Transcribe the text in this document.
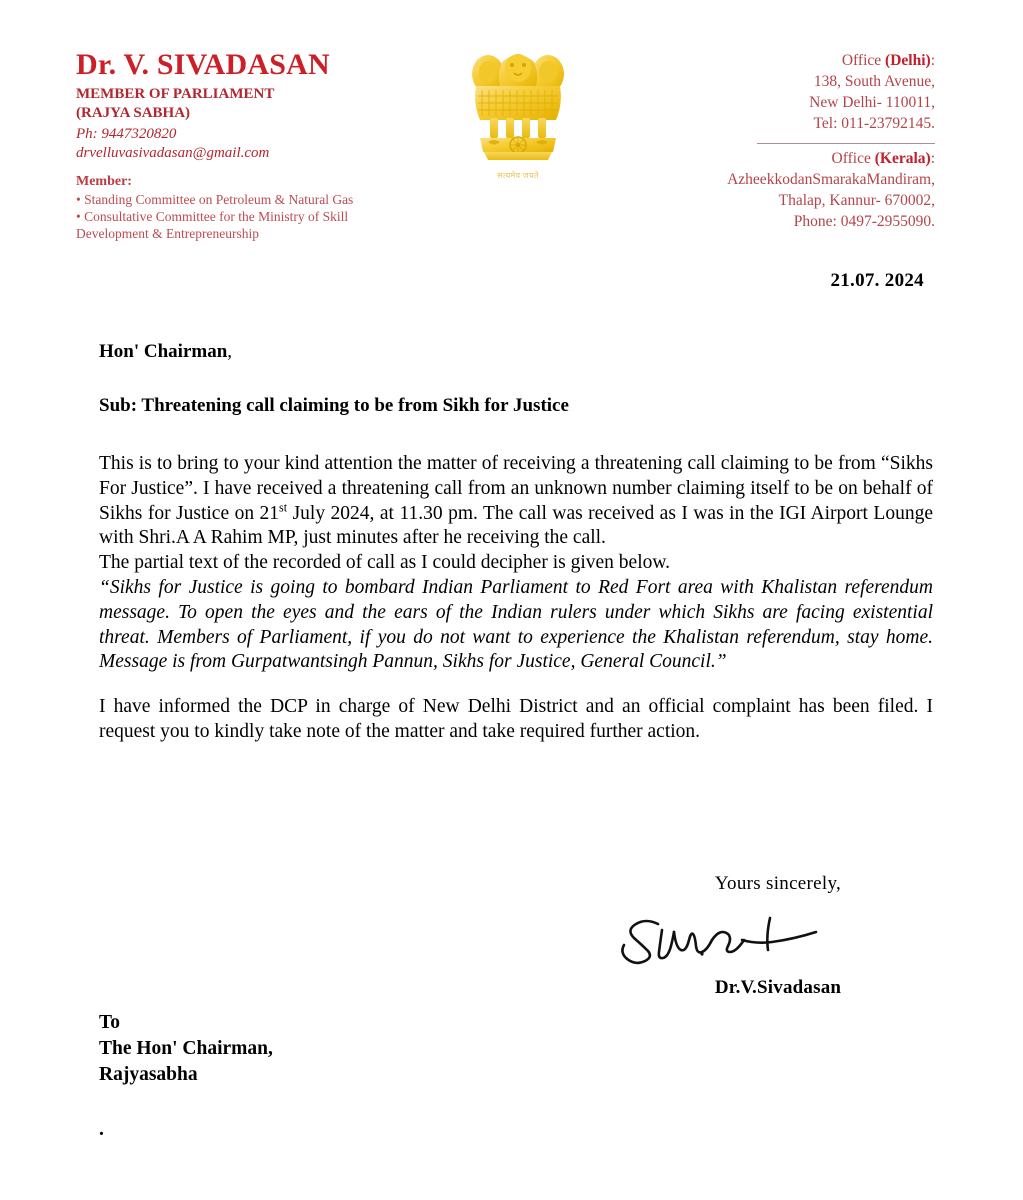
Dr. V. SIVADASAN
MEMBER OF PARLIAMENT
(RAJYA SABHA)
Ph: 9447320820
drvelluvasivadasan@gmail.com
Member:
• Standing Committee on Petroleum & Natural Gas
• Consultative Committee for the Ministry of Skill
Development & Entrepreneurship
सत्यमेव जयते
Office (Delhi):
138, South Avenue,
New Delhi- 110011,
Tel: 011-23792145.
Office (Kerala):
AzheekkodanSmarakaMandiram,
Thalap, Kannur- 670002,
Phone: 0497-2955090.
21.07. 2024
Hon' Chairman,
Sub: Threatening call claiming to be from Sikh for Justice

This is to bring to your kind attention the matter of receiving a threatening call claiming to be from “Sikhs For Justice”. I have received a threatening call from an unknown number claiming itself to be on behalf of Sikhs for Justice on 21st July 2024, at 11.30 pm. The call was received as I was in the IGI Airport Lounge with Shri.A A Rahim MP, just minutes after he receiving the call.

The partial text of the recorded of call as I could decipher is given below.

“Sikhs for Justice is going to bombard Indian Parliament to Red Fort area with Khalistan referendum message. To open the eyes and the ears of the Indian rulers under which Sikhs are facing existential threat. Members of Parliament, if you do not want to experience the Khalistan referendum, stay home. Message is from Gurpatwantsingh Pannun, Sikhs for Justice, General Council.”

I have informed the DCP in charge of New Delhi District and an official complaint has been filed. I request you to kindly take note of the matter and take required further action.

Yours sincerely,
Dr.V.Sivadasan
To
The Hon' Chairman,
Rajyasabha
.
